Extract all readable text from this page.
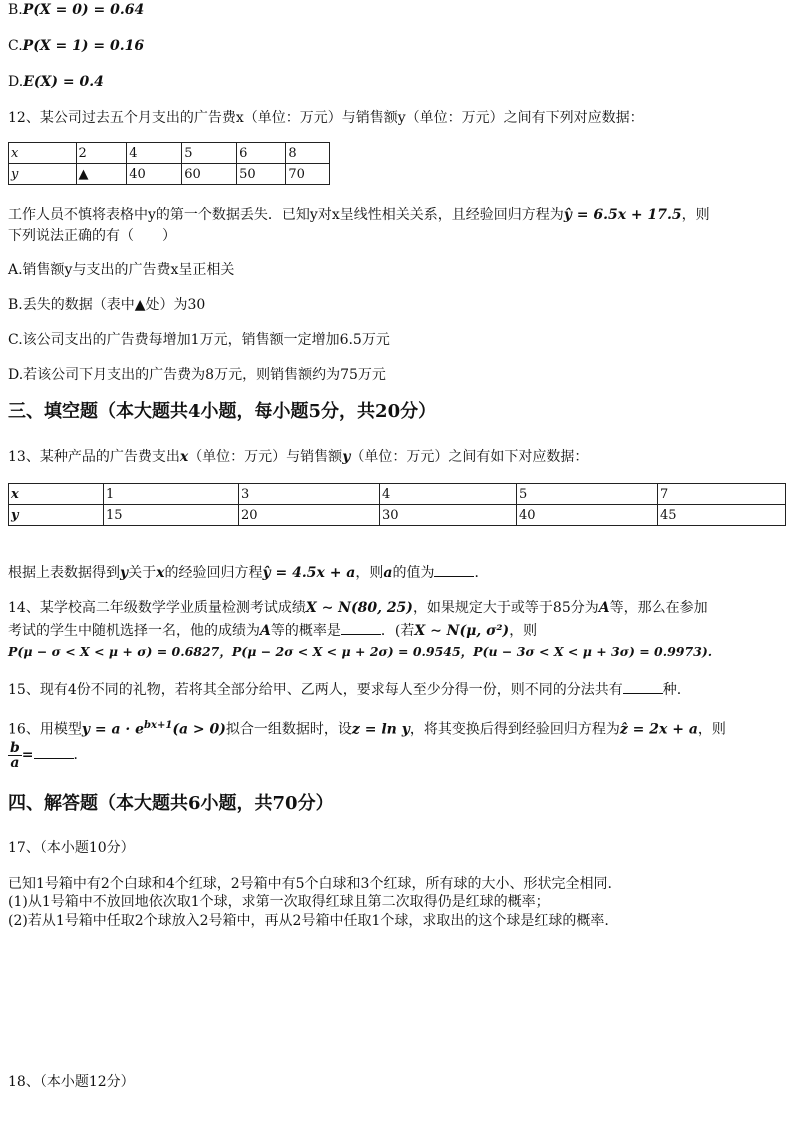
B.P(X = 0) = 0.64
C.P(X = 1) = 0.16
D.E(X) = 0.4
12、某公司过去五个月支出的广告费x（单位：万元）与销售额y（单位：万元）之间有下列对应数据：
x	2	4	5	6	8
y	▲	40	60	50	70
工作人员不慎将表格中y的第一个数据丢失．已知y对x呈线性相关关系，且经验回归方程为ŷ = 6.5x + 17.5，则
下列说法正确的有（　　）
A.销售额y与支出的广告费x呈正相关
B.丢失的数据（表中▲处）为30
C.该公司支出的广告费每增加1万元，销售额一定增加6.5万元
D.若该公司下月支出的广告费为8万元，则销售额约为75万元
三、填空题（本大题共4小题，每小题5分，共20分）
13、某种产品的广告费支出x（单位：万元）与销售额y（单位：万元）之间有如下对应数据：
x	1	3	4	5	7
y	15	20	30	40	45
根据上表数据得到y关于x的经验回归方程ŷ = 4.5x + a，则a的值为	．
14、某学校高二年级数学学业质量检测考试成绩X ∼ N(80, 25)，如果规定大于或等于85分为A等，那么在参加
考试的学生中随机选择一名，他的成绩为A等的概率是	．(若X ∼ N(μ, σ²)，则
P(μ − σ < X < μ + σ) = 0.6827，P(μ − 2σ < X < μ + 2σ) = 0.9545，P(u − 3σ < X < μ + 3σ) = 0.9973).
15、现有4份不同的礼物，若将其全部分给甲、乙两人，要求每人至少分得一份，则不同的分法共有	种.
16、用模型$y = a \cdot e^{bx+1}(a > 0)$拟合一组数据时，设z = ln y，将其变换后得到经验回归方程为ẑ = 2x + a，则
$\frac{b}{a}$ =	．
四、解答题（本大题共6小题，共70分）
17、（本小题10分）
已知1号箱中有2个白球和4个红球，2号箱中有5个白球和3个红球，所有球的大小、形状完全相同.
(1)从1号箱中不放回地依次取1个球，求第一次取得红球且第二次取得仍是红球的概率；
(2)若从1号箱中任取2个球放入2号箱中，再从2号箱中任取1个球，求取出的这个球是红球的概率.
18、（本小题12分）
